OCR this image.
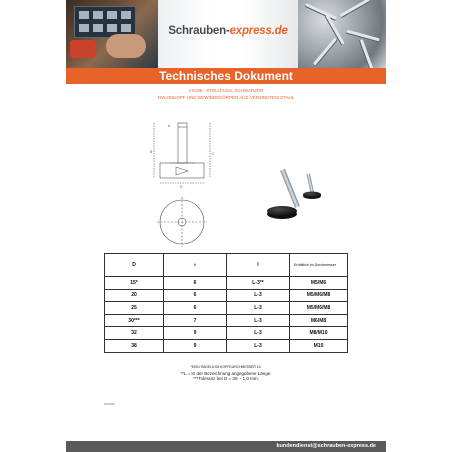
Schrauben-express.de
Technisches Dokument
VS196 - STELLFUSS, SCHWARZER
NYLONKOPF UND GEWINDEKÖRPER AUS VERZINKTEM STAHL
A
B	C
D
D	H	l	Erhältlich im Durchmesser
15*	6	L-3**	M5/M6
20	6	L-3	M5/M6/M8
25	6	L-3	M5/M6/M8
30***	7	L-3	M6/M8
32	9	L-3	M8/M10
38	9	L-3	M10
*KEIN RÄDELN IM KOPFDURCHMESSER 15.
**L = In der Bezeichnung angegebene Länge.
***Toleranz bei D = 30: - 1,0 mm.
10/2023
kundendienst@schrauben-express.de
